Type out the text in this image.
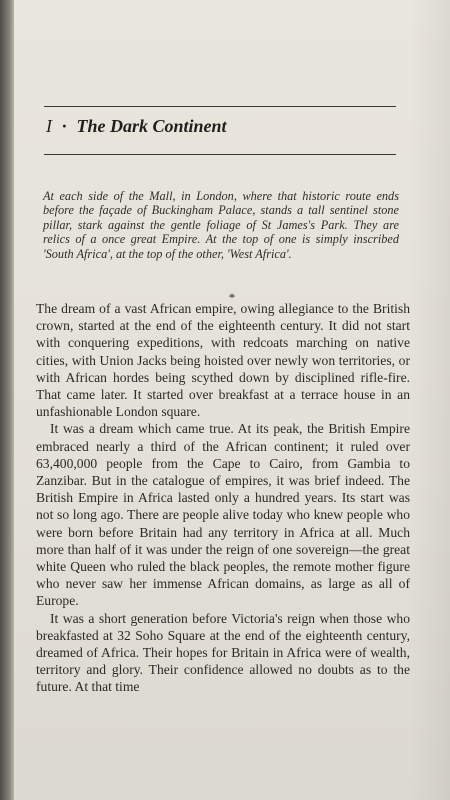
I · The Dark Continent

At each side of the Mall, in London, where that historic route ends before the façade of Buckingham Palace, stands a tall sentinel stone pillar, stark against the gentle foliage of St James's Park. They are relics of a once great Empire. At the top of one is simply inscribed 'South Africa', at the top of the other, 'West Africa'.

*

The dream of a vast African empire, owing allegiance to the British crown, started at the end of the eighteenth century. It did not start with conquering expeditions, with redcoats marching on native cities, with Union Jacks being hoisted over newly won territories, or with African hordes being scythed down by disciplined rifle-fire. That came later. It started over breakfast at a terrace house in an unfashionable London square.

It was a dream which came true. At its peak, the British Empire embraced nearly a third of the African continent; it ruled over 63,400,000 people from the Cape to Cairo, from Gambia to Zanzibar. But in the catalogue of empires, it was brief indeed. The British Empire in Africa lasted only a hundred years. Its start was not so long ago. There are people alive today who knew people who were born before Britain had any territory in Africa at all. Much more than half of it was under the reign of one sovereign—the great white Queen who ruled the black peoples, the remote mother figure who never saw her immense African domains, as large as all of Europe.

It was a short generation before Victoria's reign when those who breakfasted at 32 Soho Square at the end of the eighteenth century, dreamed of Africa. Their hopes for Britain in Africa were of wealth, territory and glory. Their confidence allowed no doubts as to the future. At that time
